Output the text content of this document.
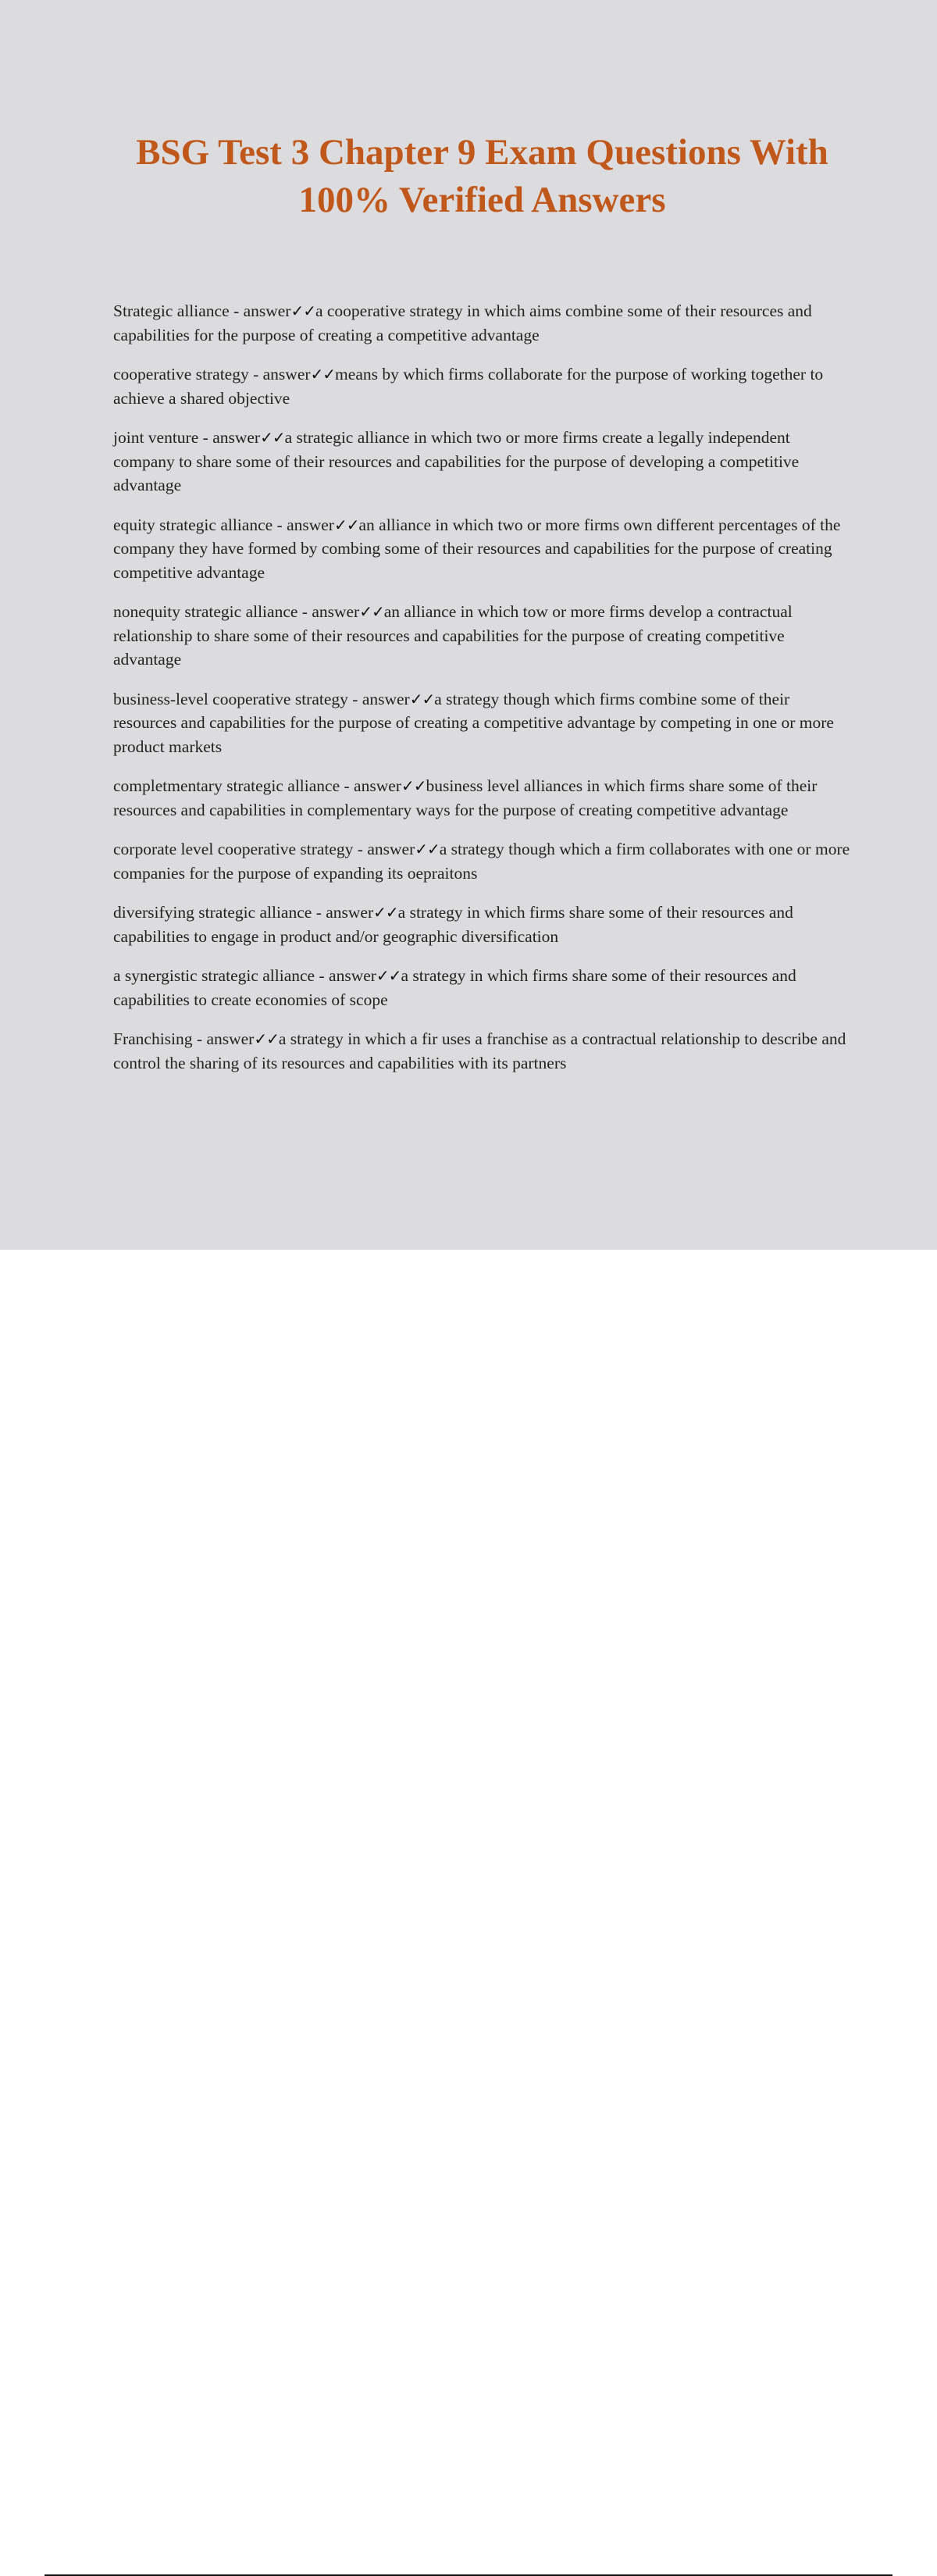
BSG Test 3 Chapter 9 Exam Questions With
100% Verified Answers

Strategic alliance - answer✓✓a cooperative strategy in which aims combine some of their resources and capabilities for the purpose of creating a competitive advantage

cooperative strategy - answer✓✓means by which firms collaborate for the purpose of working together to achieve a shared objective

joint venture - answer✓✓a strategic alliance in which two or more firms create a legally independent company to share some of their resources and capabilities for the purpose of developing a competitive advantage

equity strategic alliance - answer✓✓an alliance in which two or more firms own different percentages of the company they have formed by combing some of their resources and capabilities for the purpose of creating competitive advantage

nonequity strategic alliance - answer✓✓an alliance in which tow or more firms develop a contractual relationship to share some of their resources and capabilities for the purpose of creating competitive advantage

business-level cooperative strategy - answer✓✓a strategy though which firms combine some of their resources and capabilities for the purpose of creating a competitive advantage by competing in one or more product markets

completmentary strategic alliance - answer✓✓business level alliances in which firms share some of their resources and capabilities in complementary ways for the purpose of creating competitive advantage

corporate level cooperative strategy - answer✓✓a strategy though which a firm collaborates with one or more companies for the purpose of expanding its oepraitons

diversifying strategic alliance - answer✓✓a strategy in which firms share some of their resources and capabilities to engage in product and/or geographic diversification

a synergistic strategic alliance - answer✓✓a strategy in which firms share some of their resources and capabilities to create economies of scope

Franchising - answer✓✓a strategy in which a fir uses a franchise as a contractual relationship to describe and control the sharing of its resources and capabilities with its partners
